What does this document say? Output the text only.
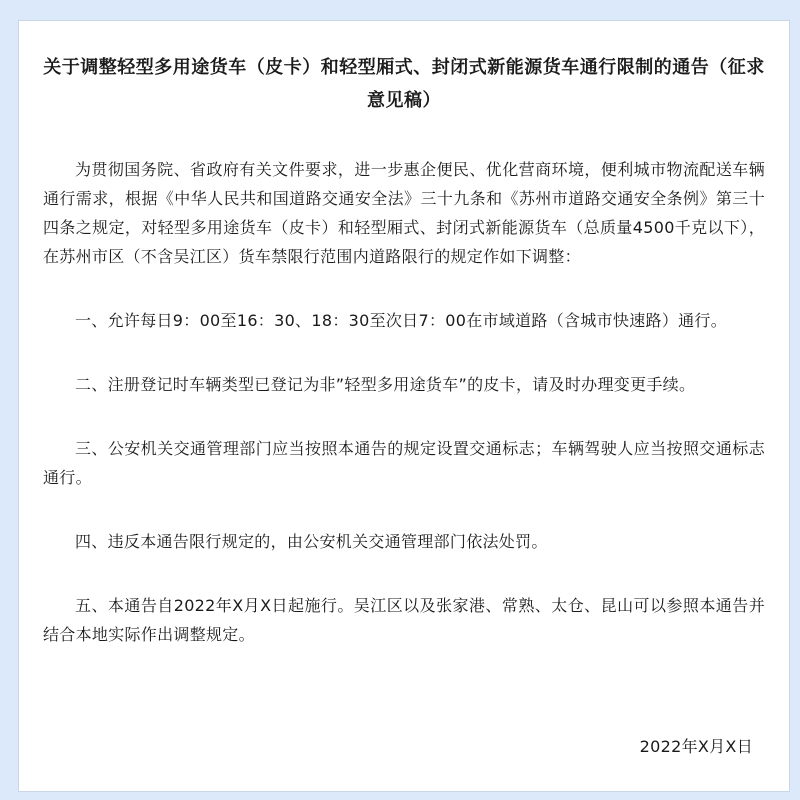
关于调整轻型多用途货车（皮卡）和轻型厢式、封闭式新能源货车通行限制的通告（征求意见稿）

为贯彻国务院、省政府有关文件要求，进一步惠企便民、优化营商环境，便利城市物流配送车辆通行需求，根据《中华人民共和国道路交通安全法》三十九条和《苏州市道路交通安全条例》第三十四条之规定，对轻型多用途货车（皮卡）和轻型厢式、封闭式新能源货车（总质量4500千克以下），在苏州市区（不含吴江区）货车禁限行范围内道路限行的规定作如下调整：

一、允许每日9：00至16：30、18：30至次日7：00在市域道路（含城市快速路）通行。

二、注册登记时车辆类型已登记为非”轻型多用途货车”的皮卡，请及时办理变更手续。

三、公安机关交通管理部门应当按照本通告的规定设置交通标志；车辆驾驶人应当按照交通标志通行。

四、违反本通告限行规定的，由公安机关交通管理部门依法处罚。

五、本通告自2022年X月X日起施行。吴江区以及张家港、常熟、太仓、昆山可以参照本通告并结合本地实际作出调整规定。

2022年X月X日
